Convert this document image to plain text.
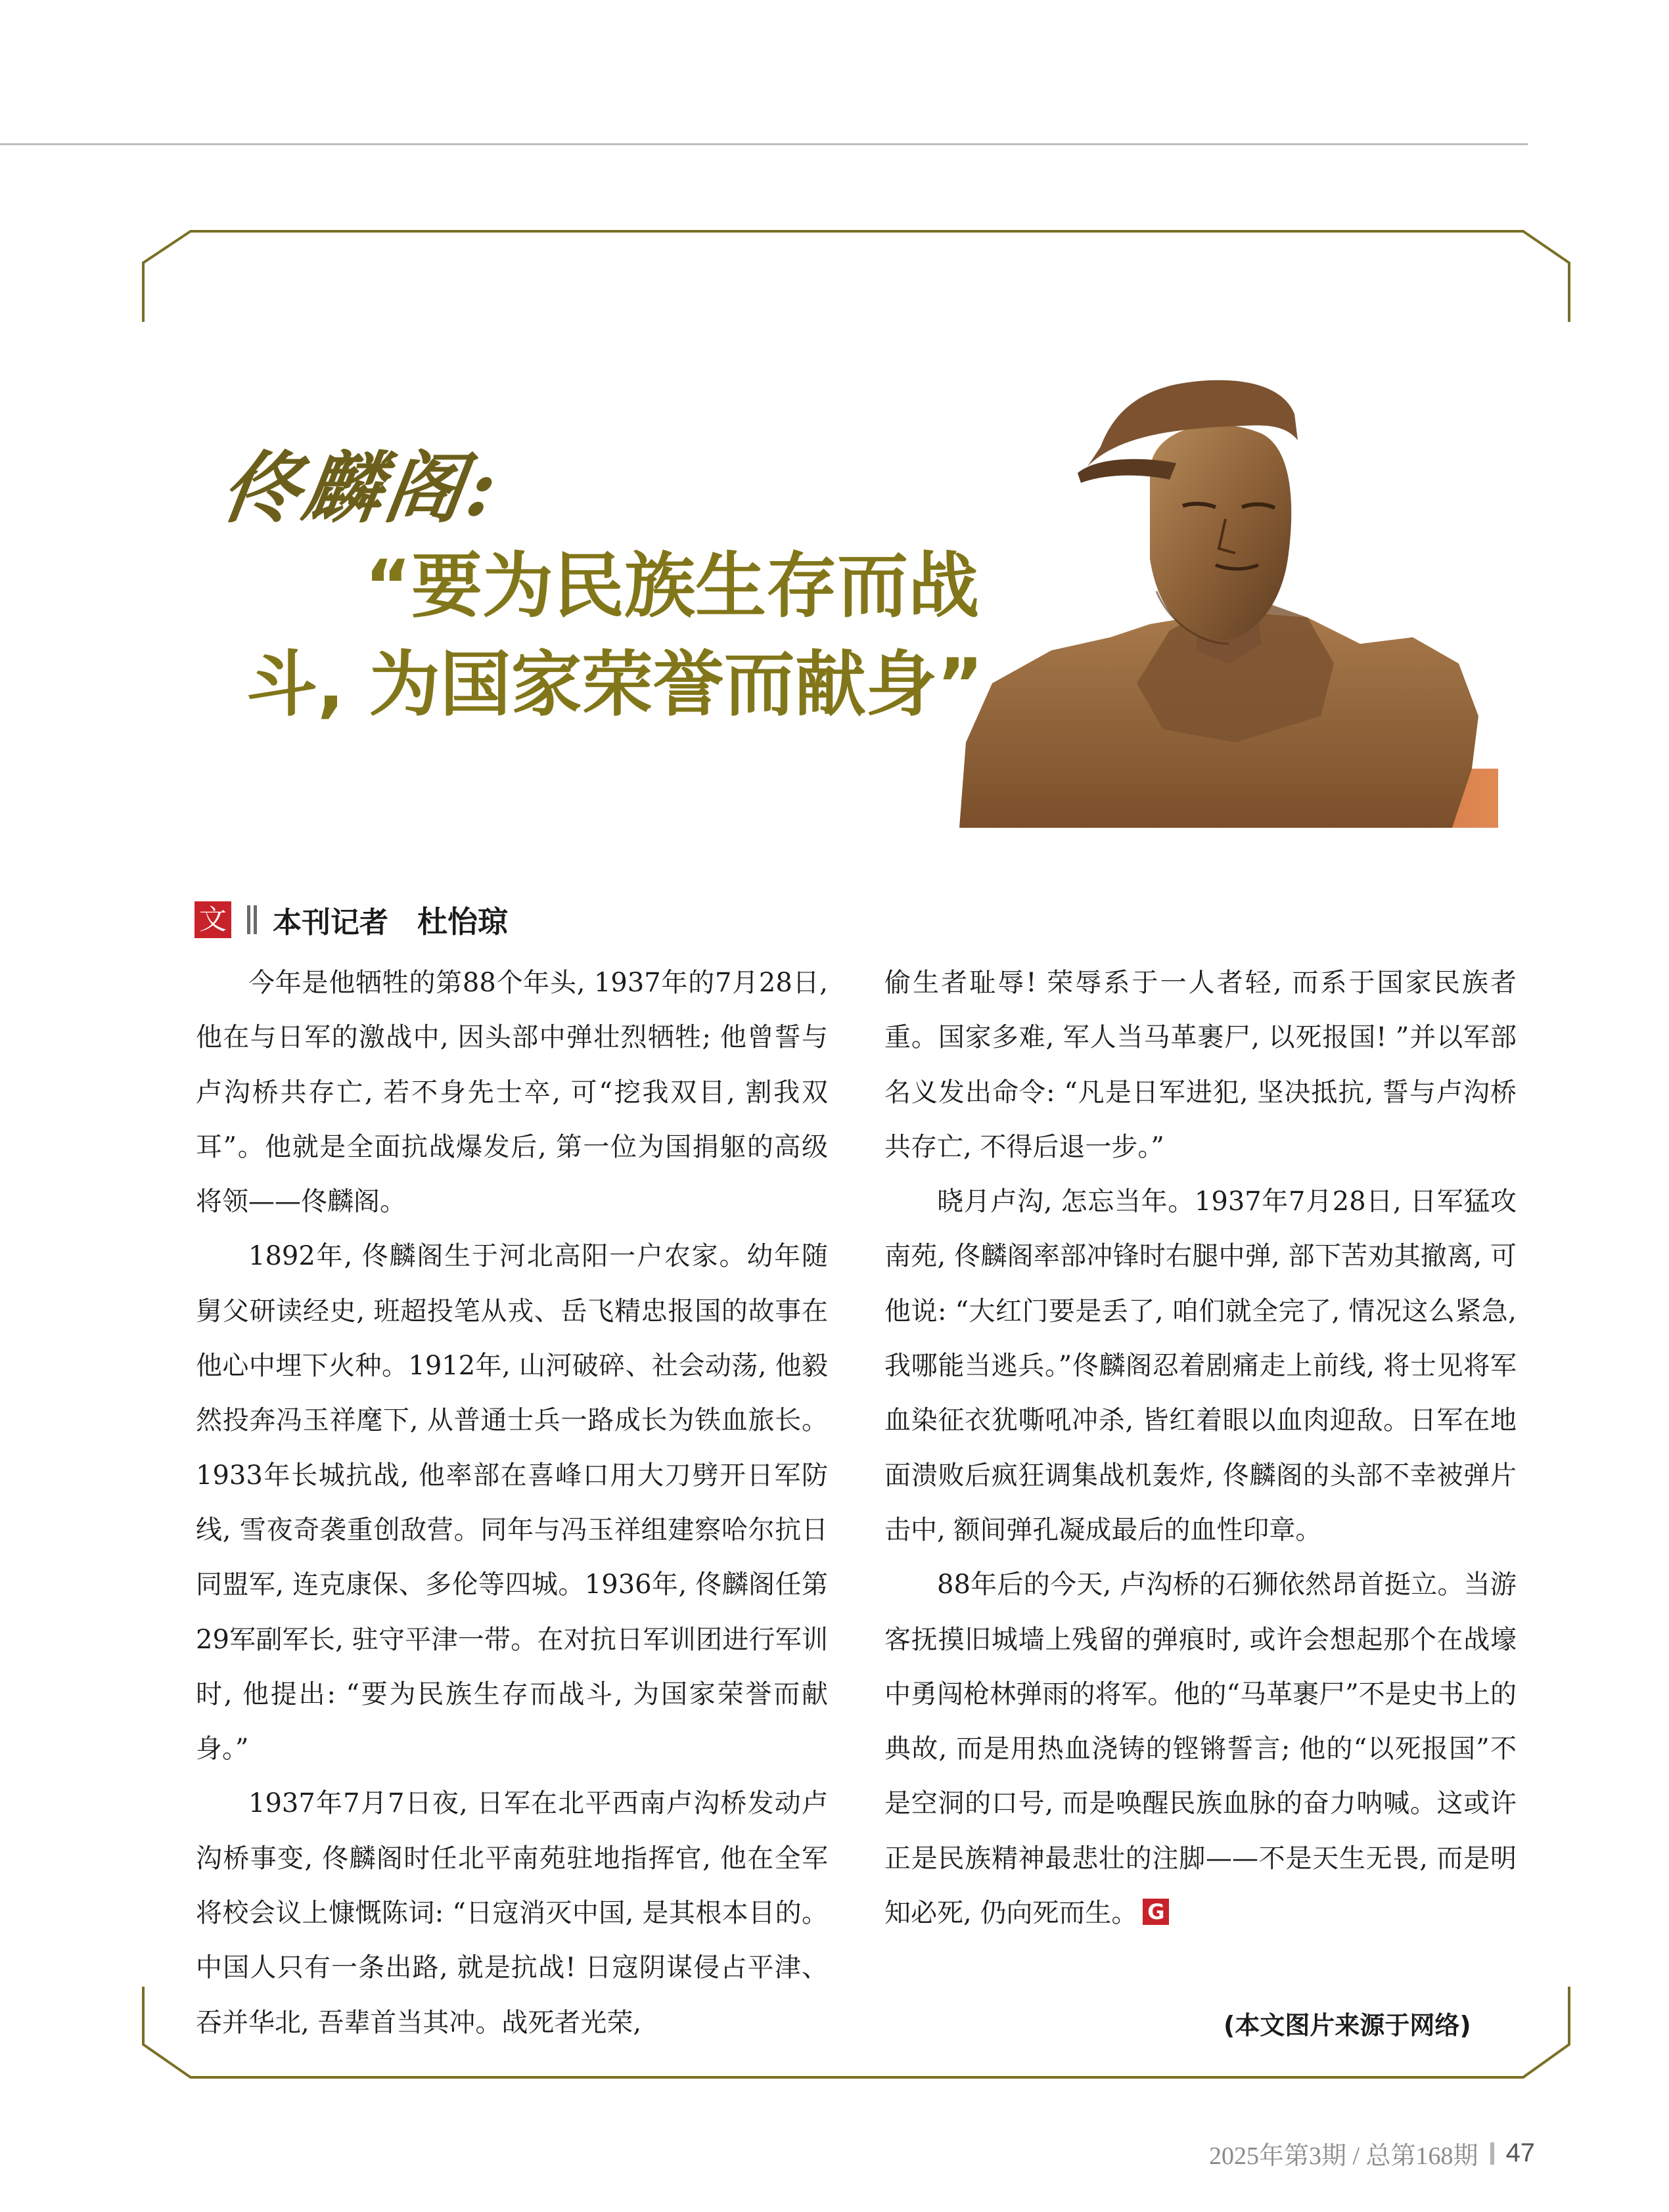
佟麟阁:
“要为民族生存而战
斗, 为国家荣誉而献身”
文 本刊记者 杜怡琼

今年是他牺牲的第88个年头, 1937年的7月28日, 他在与日军的激战中, 因头部中弹壮烈牺牲; 他曾誓与卢沟桥共存亡, 若不身先士卒, 可“挖我双目, 割我双耳”。他就是全面抗战爆发后, 第一位为国捐躯的高级将领——佟麟阁。

1892年, 佟麟阁生于河北高阳一户农家。幼年随舅父研读经史, 班超投笔从戎、岳飞精忠报国的故事在他心中埋下火种。1912年, 山河破碎、社会动荡, 他毅然投奔冯玉祥麾下, 从普通士兵一路成长为铁血旅长。1933年长城抗战, 他率部在喜峰口用大刀劈开日军防线, 雪夜奇袭重创敌营。同年与冯玉祥组建察哈尔抗日同盟军, 连克康保、多伦等四城。1936年, 佟麟阁任第29军副军长, 驻守平津一带。在对抗日军训团进行军训时, 他提出: “要为民族生存而战斗, 为国家荣誉而献身。”

1937年7月7日夜, 日军在北平西南卢沟桥发动卢沟桥事变, 佟麟阁时任北平南苑驻地指挥官, 他在全军将校会议上慷慨陈词: “日寇消灭中国, 是其根本目的。中国人只有一条出路, 就是抗战! 日寇阴谋侵占平津、吞并华北, 吾辈首当其冲。战死者光荣,

偷生者耻辱! 荣辱系于一人者轻, 而系于国家民族者重。国家多难, 军人当马革裹尸, 以死报国! ”并以军部名义发出命令: “凡是日军进犯, 坚决抵抗, 誓与卢沟桥共存亡, 不得后退一步。”

晓月卢沟, 怎忘当年。1937年7月28日, 日军猛攻南苑, 佟麟阁率部冲锋时右腿中弹, 部下苦劝其撤离, 可他说: “大红门要是丢了, 咱们就全完了, 情况这么紧急, 我哪能当逃兵。”佟麟阁忍着剧痛走上前线, 将士见将军血染征衣犹嘶吼冲杀, 皆红着眼以血肉迎敌。日军在地面溃败后疯狂调集战机轰炸, 佟麟阁的头部不幸被弹片击中, 额间弹孔凝成最后的血性印章。

88年后的今天, 卢沟桥的石狮依然昂首挺立。当游客抚摸旧城墙上残留的弹痕时, 或许会想起那个在战壕中勇闯枪林弹雨的将军。他的“马革裹尸”不是史书上的典故, 而是用热血浇铸的铿锵誓言; 他的“以死报国”不是空洞的口号, 而是唤醒民族血脉的奋力呐喊。这或许正是民族精神最悲壮的注脚——不是天生无畏, 而是明知必死, 仍向死而生。 G

(本文图片来源于网络)
2025年第3期 / 总第168期 47
